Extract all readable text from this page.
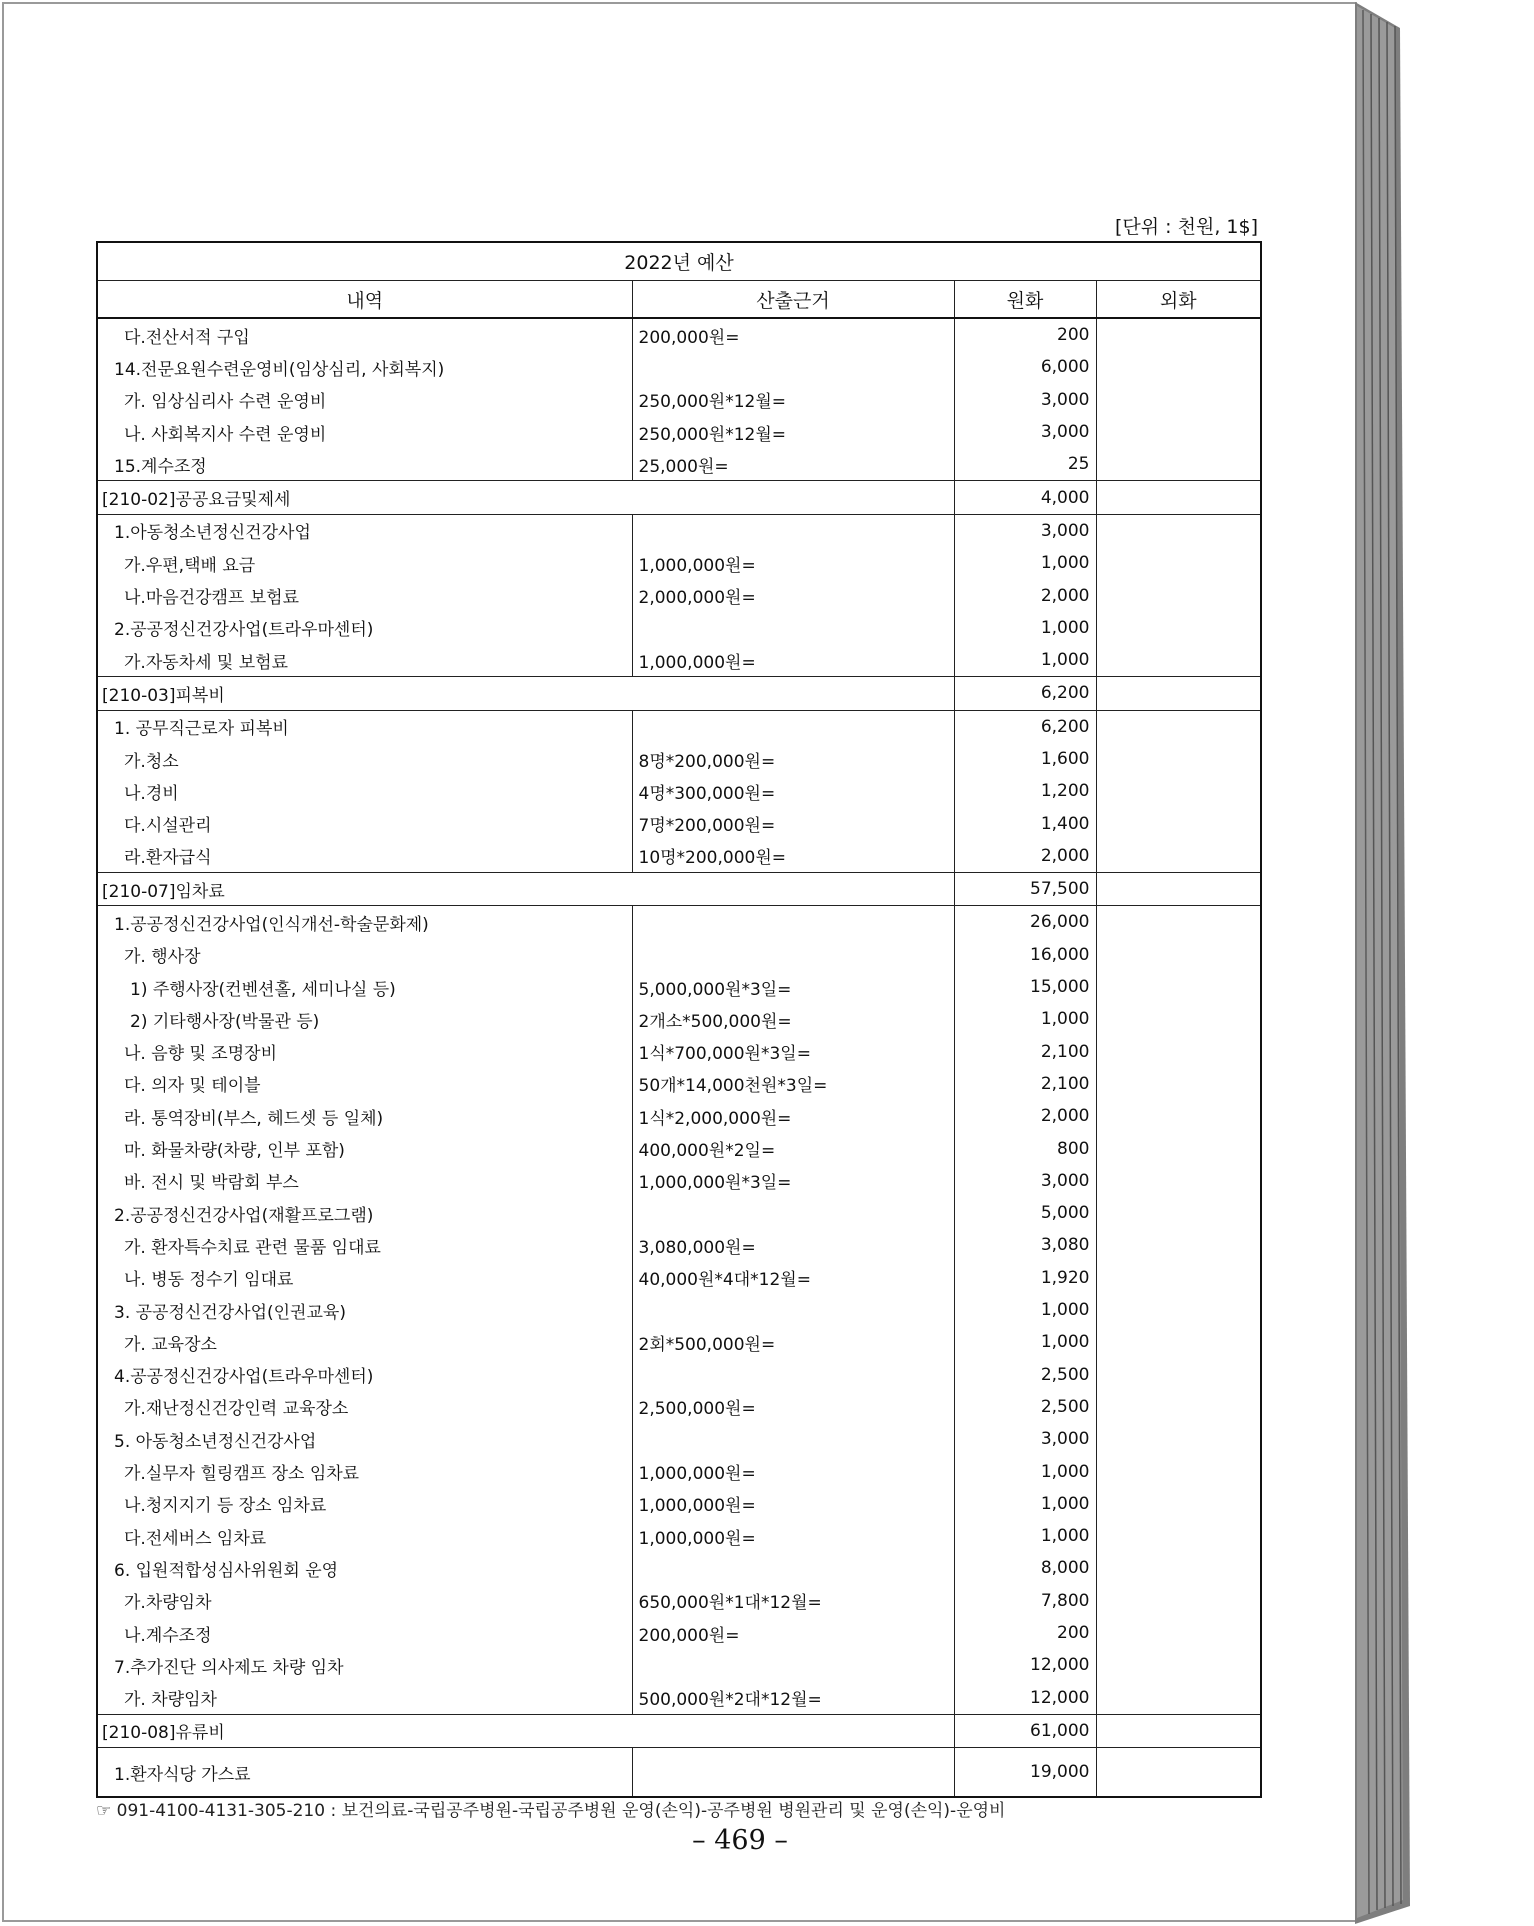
[단위 : 천원, 1$]
2022년 예산			
내역	산출근거	원화	외화
다.전산서적 구입	200,000원=	200	
14.전문요원수련운영비(임상심리, 사회복지)		6,000	
가. 임상심리사 수련 운영비	250,000원*12월=	3,000	
나. 사회복지사 수련 운영비	250,000원*12월=	3,000	
15.계수조정	25,000원=	25	
[210-02]공공요금및제세		4,000	
1.아동청소년정신건강사업		3,000	
가.우편,택배 요금	1,000,000원=	1,000	
나.마음건강캠프 보험료	2,000,000원=	2,000	
2.공공정신건강사업(트라우마센터)		1,000	
가.자동차세 및 보험료	1,000,000원=	1,000	
[210-03]피복비		6,200	
1. 공무직근로자 피복비		6,200	
가.청소	8명*200,000원=	1,600	
나.경비	4명*300,000원=	1,200	
다.시설관리	7명*200,000원=	1,400	
라.환자급식	10명*200,000원=	2,000	
[210-07]임차료		57,500	
1.공공정신건강사업(인식개선-학술문화제)		26,000	
가. 행사장		16,000	
1) 주행사장(컨벤션홀, 세미나실 등)	5,000,000원*3일=	15,000	
2) 기타행사장(박물관 등)	2개소*500,000원=	1,000	
나. 음향 및 조명장비	1식*700,000원*3일=	2,100	
다. 의자 및 테이블	50개*14,000천원*3일=	2,100	
라. 통역장비(부스, 헤드셋 등 일체)	1식*2,000,000원=	2,000	
마. 화물차량(차량, 인부 포함)	400,000원*2일=	800	
바. 전시 및 박람회 부스	1,000,000원*3일=	3,000	
2.공공정신건강사업(재활프로그램)		5,000	
가. 환자특수치료 관련 물품 임대료	3,080,000원=	3,080	
나. 병동 정수기 임대료	40,000원*4대*12월=	1,920	
3. 공공정신건강사업(인권교육)		1,000	
가. 교육장소	2회*500,000원=	1,000	
4.공공정신건강사업(트라우마센터)		2,500	
가.재난정신건강인력 교육장소	2,500,000원=	2,500	
5. 아동청소년정신건강사업		3,000	
가.실무자 힐링캠프 장소 임차료	1,000,000원=	1,000	
나.청지지기 등 장소 임차료	1,000,000원=	1,000	
다.전세버스 임차료	1,000,000원=	1,000	
6. 입원적합성심사위원회 운영		8,000	
가.차량임차	650,000원*1대*12월=	7,800	
나.계수조정	200,000원=	200	
7.추가진단 의사제도 차량 임차		12,000	
가. 차량임차	500,000원*2대*12월=	12,000	
[210-08]유류비		61,000	
1.환자식당 가스료		19,000	
☞ 091-4100-4131-305-210 : 보건의료-국립공주병원-국립공주병원 운영(손익)-공주병원 병원관리 및 운영(손익)-운영비
– 469 –
